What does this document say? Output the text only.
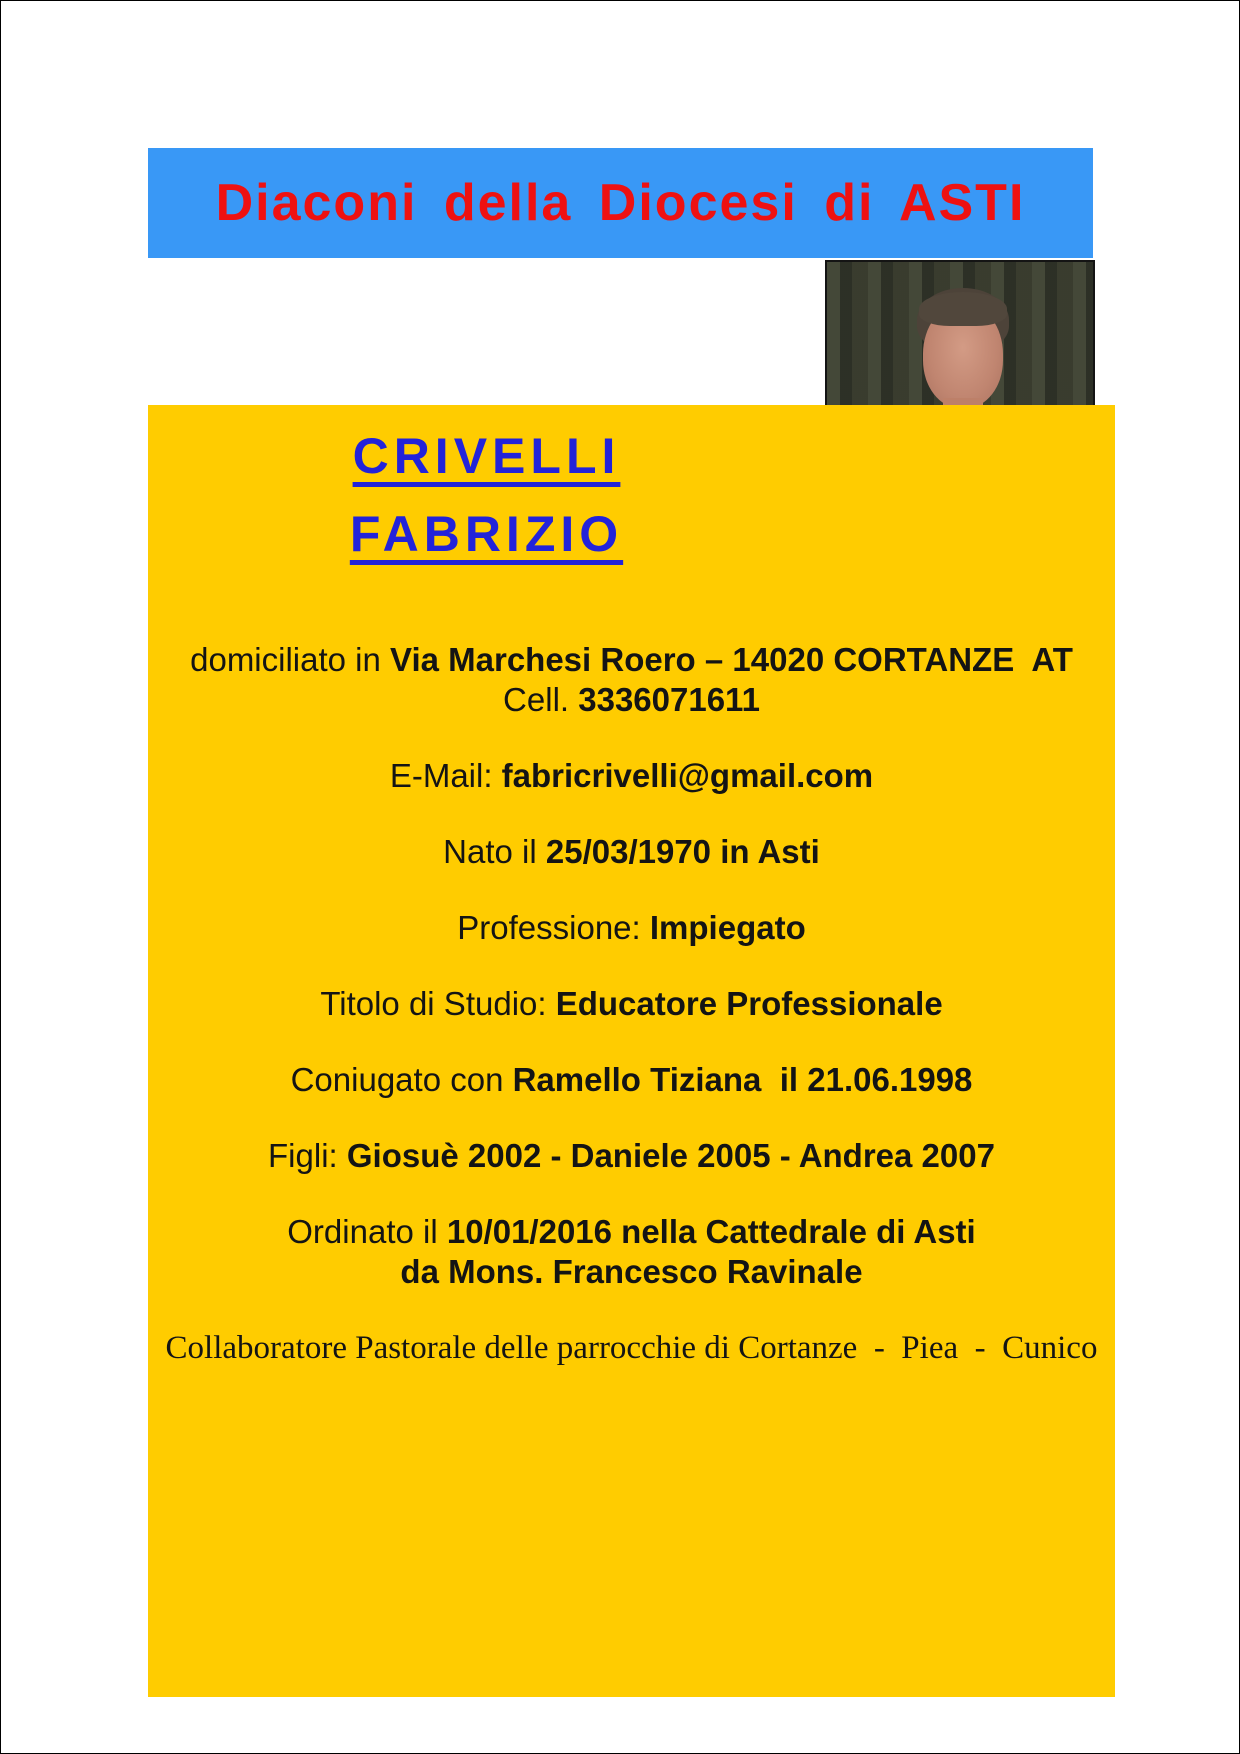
Diaconi della Diocesi di ASTI

CRIVELLI

FABRIZIO

domiciliato in Via Marchesi Roero – 14020 CORTANZE  AT

Cell. 3336071611

E-Mail: fabricrivelli@gmail.com

Nato il 25/03/1970 in Asti

Professione: Impiegato

Titolo di Studio: Educatore Professionale

Coniugato con Ramello Tiziana  il 21.06.1998

Figli: Giosuè 2002 - Daniele 2005 - Andrea 2007

Ordinato il 10/01/2016 nella Cattedrale di Asti

da Mons. Francesco Ravinale

Collaboratore Pastorale delle parrocchie di Cortanze  -  Piea  -  Cunico
